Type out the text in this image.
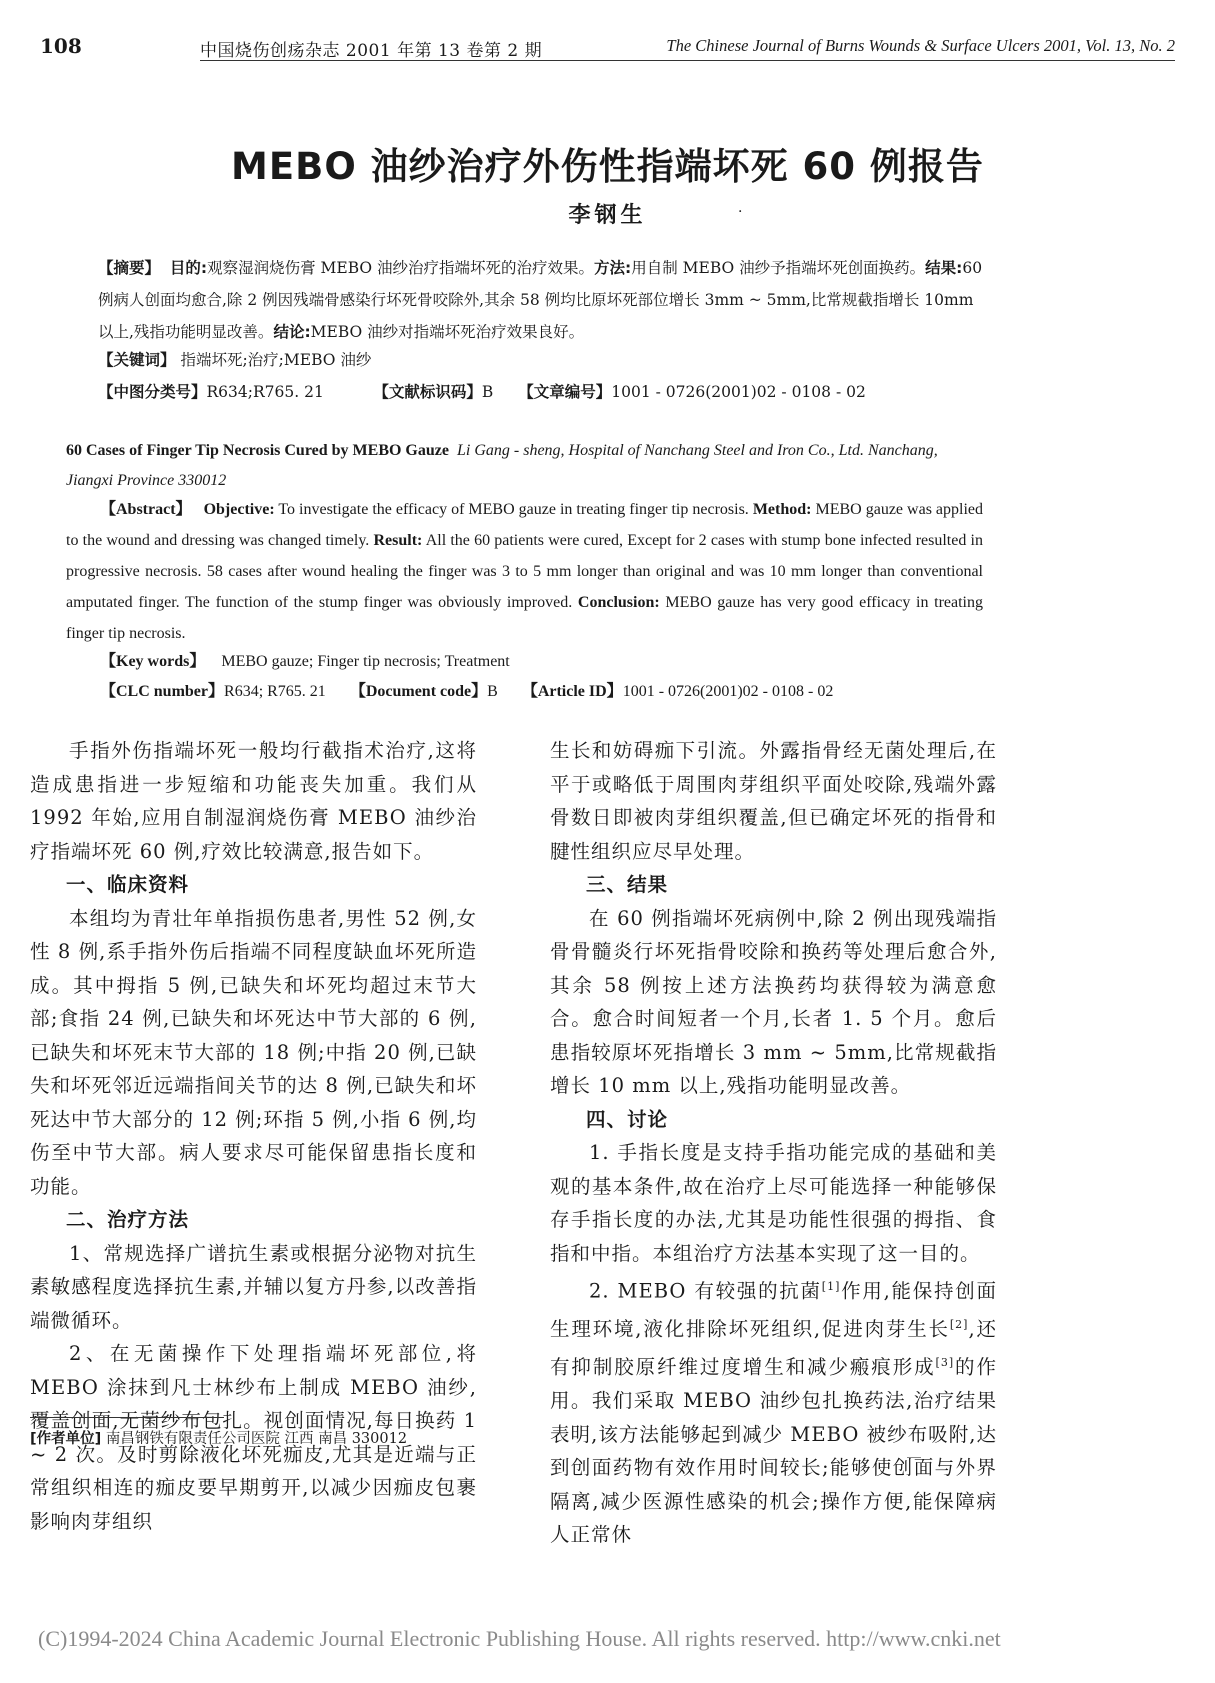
108	中国烧伤创疡杂志 2001 年第 13 卷第 2 期	The Chinese Journal of Burns Wounds & Surface Ulcers 2001, Vol. 13, No. 2
MEBO 油纱治疗外伤性指端坏死 60 例报告
李钢生	·
【摘要】 目的:观察湿润烧伤膏 MEBO 油纱治疗指端坏死的治疗效果。方法:用自制 MEBO 油纱予指端坏死创面换药。结果:60 例病人创面均愈合,除 2 例因残端骨感染行坏死骨咬除外,其余 58 例均比原坏死部位增长 3mm ~ 5mm,比常规截指增长 10mm 以上,残指功能明显改善。结论:MEBO 油纱对指端坏死治疗效果良好。
【关键词】 指端坏死;治疗;MEBO 油纱
【中图分类号】R634;R765. 21	【文献标识码】B 【文章编号】1001 - 0726(2001)02 - 0108 - 02
60 Cases of Finger Tip Necrosis Cured by MEBO Gauze Li Gang - sheng, Hospital of Nanchang Steel and Iron Co., Ltd. Nanchang, Jiangxi Province 330012
【Abstract】 Objective: To investigate the efficacy of MEBO gauze in treating finger tip necrosis. Method: MEBO gauze was applied to the wound and dressing was changed timely. Result: All the 60 patients were cured, Except for 2 cases with stump bone infected resulted in progressive necrosis. 58 cases after wound healing the finger was 3 to 5 mm longer than original and was 10 mm longer than conventional amputated finger. The function of the stump finger was obviously improved. Conclusion: MEBO gauze has very good efficacy in treating finger tip necrosis.
【Key words】 MEBO gauze; Finger tip necrosis; Treatment
【CLC number】R634; R765. 21 【Document code】B 【Article ID】1001 - 0726(2001)02 - 0108 - 02

手指外伤指端坏死一般均行截指术治疗,这将造成患指进一步短缩和功能丧失加重。我们从 1992 年始,应用自制湿润烧伤膏 MEBO 油纱治疗指端坏死 60 例,疗效比较满意,报告如下。

一、临床资料

本组均为青壮年单指损伤患者,男性 52 例,女性 8 例,系手指外伤后指端不同程度缺血坏死所造成。其中拇指 5 例,已缺失和坏死均超过末节大部;食指 24 例,已缺失和坏死达中节大部的 6 例,已缺失和坏死末节大部的 18 例;中指 20 例,已缺失和坏死邻近远端指间关节的达 8 例,已缺失和坏死达中节大部分的 12 例;环指 5 例,小指 6 例,均伤至中节大部。病人要求尽可能保留患指长度和功能。

二、治疗方法

1、常规选择广谱抗生素或根据分泌物对抗生素敏感程度选择抗生素,并辅以复方丹参,以改善指端微循环。

2、在无菌操作下处理指端坏死部位,将 MEBO 涂抹到凡士林纱布上制成 MEBO 油纱,覆盖创面,无菌纱布包扎。视创面情况,每日换药 1 ~ 2 次。及时剪除液化坏死痂皮,尤其是近端与正常组织相连的痂皮要早期剪开,以减少因痂皮包裹影响肉芽组织

生长和妨碍痂下引流。外露指骨经无菌处理后,在平于或略低于周围肉芽组织平面处咬除,残端外露骨数日即被肉芽组织覆盖,但已确定坏死的指骨和腱性组织应尽早处理。

三、结果

在 60 例指端坏死病例中,除 2 例出现残端指骨骨髓炎行坏死指骨咬除和换药等处理后愈合外,其余 58 例按上述方法换药均获得较为满意愈合。愈合时间短者一个月,长者 1. 5 个月。愈后患指较原坏死指增长 3 mm ~ 5mm,比常规截指增长 10 mm 以上,残指功能明显改善。

四、讨论

1. 手指长度是支持手指功能完成的基础和美观的基本条件,故在治疗上尽可能选择一种能够保存手指长度的办法,尤其是功能性很强的拇指、食指和中指。本组治疗方法基本实现了这一目的。

2. MEBO 有较强的抗菌[1]作用,能保持创面生理环境,液化排除坏死组织,促进肉芽生长[2],还有抑制胶原纤维过度增生和减少瘢痕形成[3]的作用。我们采取 MEBO 油纱包扎换药法,治疗结果表明,该方法能够起到减少 MEBO 被纱布吸附,达到创面药物有效作用时间较长;能够使创面与外界隔离,减少医源性感染的机会;操作方便,能保障病人正常休

[作者单位] 南昌钢铁有限责任公司医院 江西 南昌 330012
(C)1994-2024 China Academic Journal Electronic Publishing House. All rights reserved. http://www.cnki.net
